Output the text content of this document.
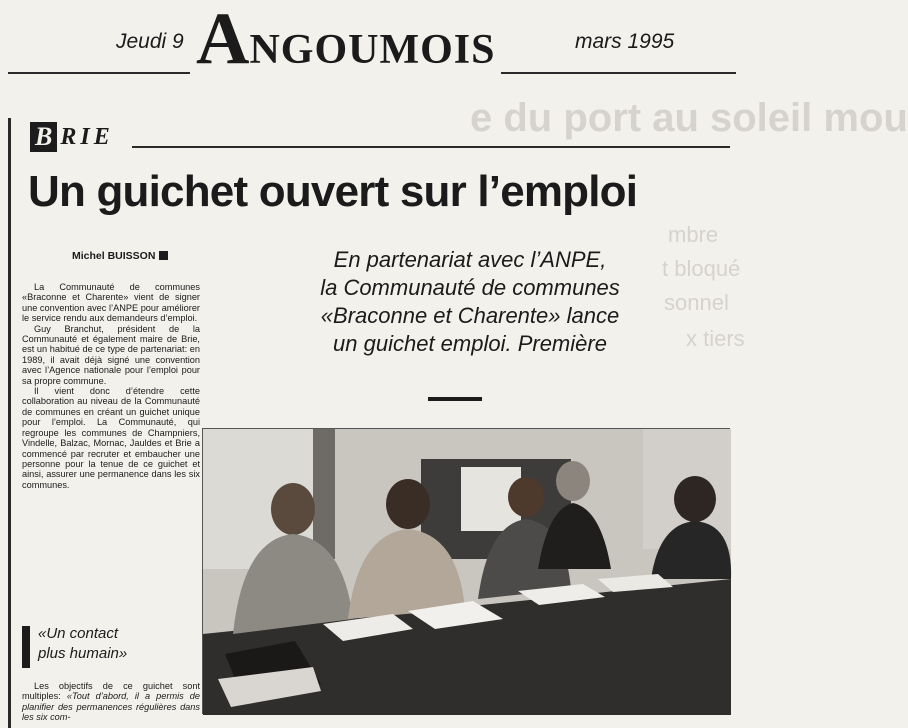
e du port au soleil mou
mbre
t bloqué
sonnel
x tiers
Jeudi 9 ANGOUMOIS	mars 1995
B RIE
Un guichet ouvert sur l’emploi
Michel BUISSON

La Communauté de communes «Braconne et Charente» vient de signer une convention avec l’ANPE pour améliorer le service rendu aux demandeurs d’emploi.

Guy Branchut, président de la Communauté et également maire de Brie, est un habitué de ce type de partenariat: en 1989, il avait déjà signé une convention avec l’Agence nationale pour l’emploi pour sa propre commune.

Il vient donc d’étendre cette collaboration au niveau de la Communauté de communes en créant un guichet unique pour l’emploi. La Communauté, qui regroupe les communes de Champniers, Vindelle, Balzac, Mornac, Jauldes et Brie a commencé par recruter et embaucher une personne pour la tenue de ce guichet et ainsi, assurer une permanence dans les six communes.

«Un contact
plus humain»

Les objectifs de ce guichet sont multiples: «Tout d’abord, il a permis de planifier des permanences régulières dans les six com-

En partenariat avec l’ANPE,
la Communauté de communes
«Braconne et Charente» lance
un guichet emploi. Première
